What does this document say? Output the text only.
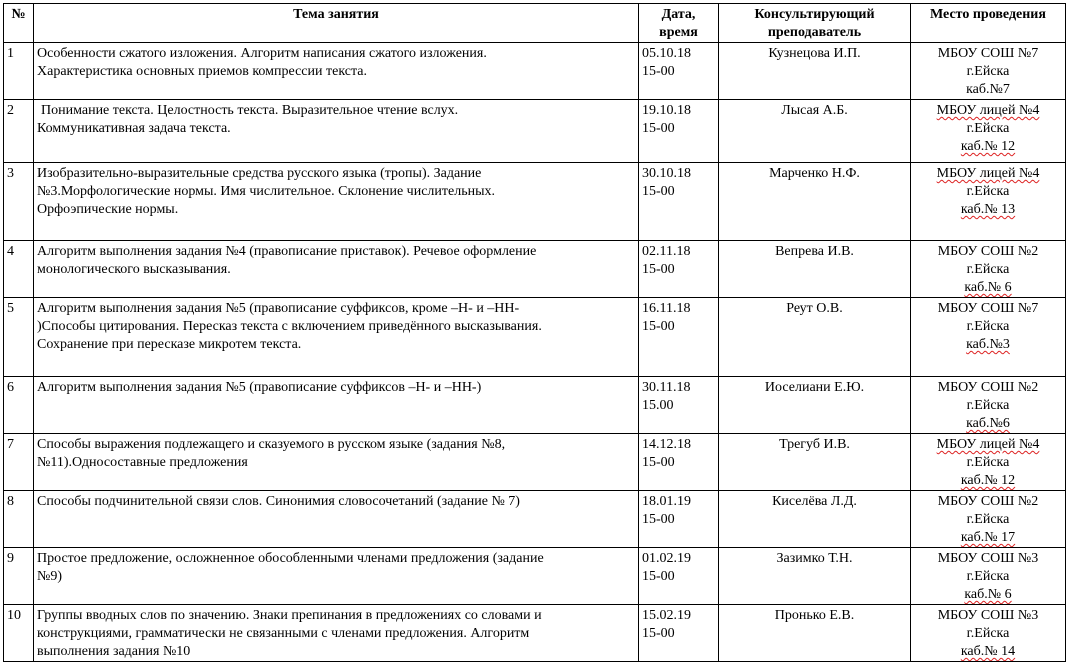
№	Тема занятия	Дата, время	Консультирующий преподаватель	Место проведения
1	Особенности сжатого изложения. Алгоритм написания сжатого изложения.
Характеристика основных приемов компрессии текста.	05.10.18
15-00	Кузнецова И.П.	МБОУ СОШ №7
г.Ейска
каб.№7

2	Понимание текста. Целостность текста. Выразительное чтение вслух.
Коммуникативная задача текста.	19.10.18
15-00	Лысая А.Б.	МБОУ лицей №4
г.Ейска
каб.№ 12

3	Изобразительно-выразительные средства русского языка (тропы). Задание
№3.Морфологические нормы. Имя числительное. Склонение числительных.
Орфоэпические нормы.	30.10.18
15-00	Марченко Н.Ф.	МБОУ лицей №4
г.Ейска
каб.№ 13

4	Алгоритм выполнения задания №4 (правописание приставок). Речевое оформление
монологического высказывания.	02.11.18
15-00	Вепрева И.В.	МБОУ СОШ №2
г.Ейска
каб.№ 6

5	Алгоритм выполнения задания №5 (правописание суффиксов, кроме –Н- и –НН-
)Способы цитирования. Пересказ текста с включением приведённого высказывания.
Сохранение при пересказе микротем текста.	16.11.18
15-00	Реут О.В.	МБОУ СОШ №7
г.Ейска
каб.№3

6	Алгоритм выполнения задания №5 (правописание суффиксов –Н- и –НН-)	30.11.18
15.00	Иоселиани Е.Ю.	МБОУ СОШ №2
г.Ейска
каб.№6

7	Способы выражения подлежащего и сказуемого в русском языке (задания №8,
№11).Односоставные предложения	14.12.18
15-00	Трегуб И.В.	МБОУ лицей №4
г.Ейска
каб.№ 12

8	Способы подчинительной связи слов. Синонимия словосочетаний (задание № 7)	18.01.19
15-00	Киселёва Л.Д.	МБОУ СОШ №2
г.Ейска
каб.№ 17

9	Простое предложение, осложненное обособленными членами предложения (задание
№9)	01.02.19
15-00	Зазимко Т.Н.	МБОУ СОШ №3
г.Ейска
каб.№ 6

10	Группы вводных слов по значению. Знаки препинания в предложениях со словами и
конструкциями, грамматически не связанными с членами предложения. Алгоритм
выполнения задания №10	15.02.19
15-00	Пронько Е.В.	МБОУ СОШ №3
г.Ейска
каб.№ 14
